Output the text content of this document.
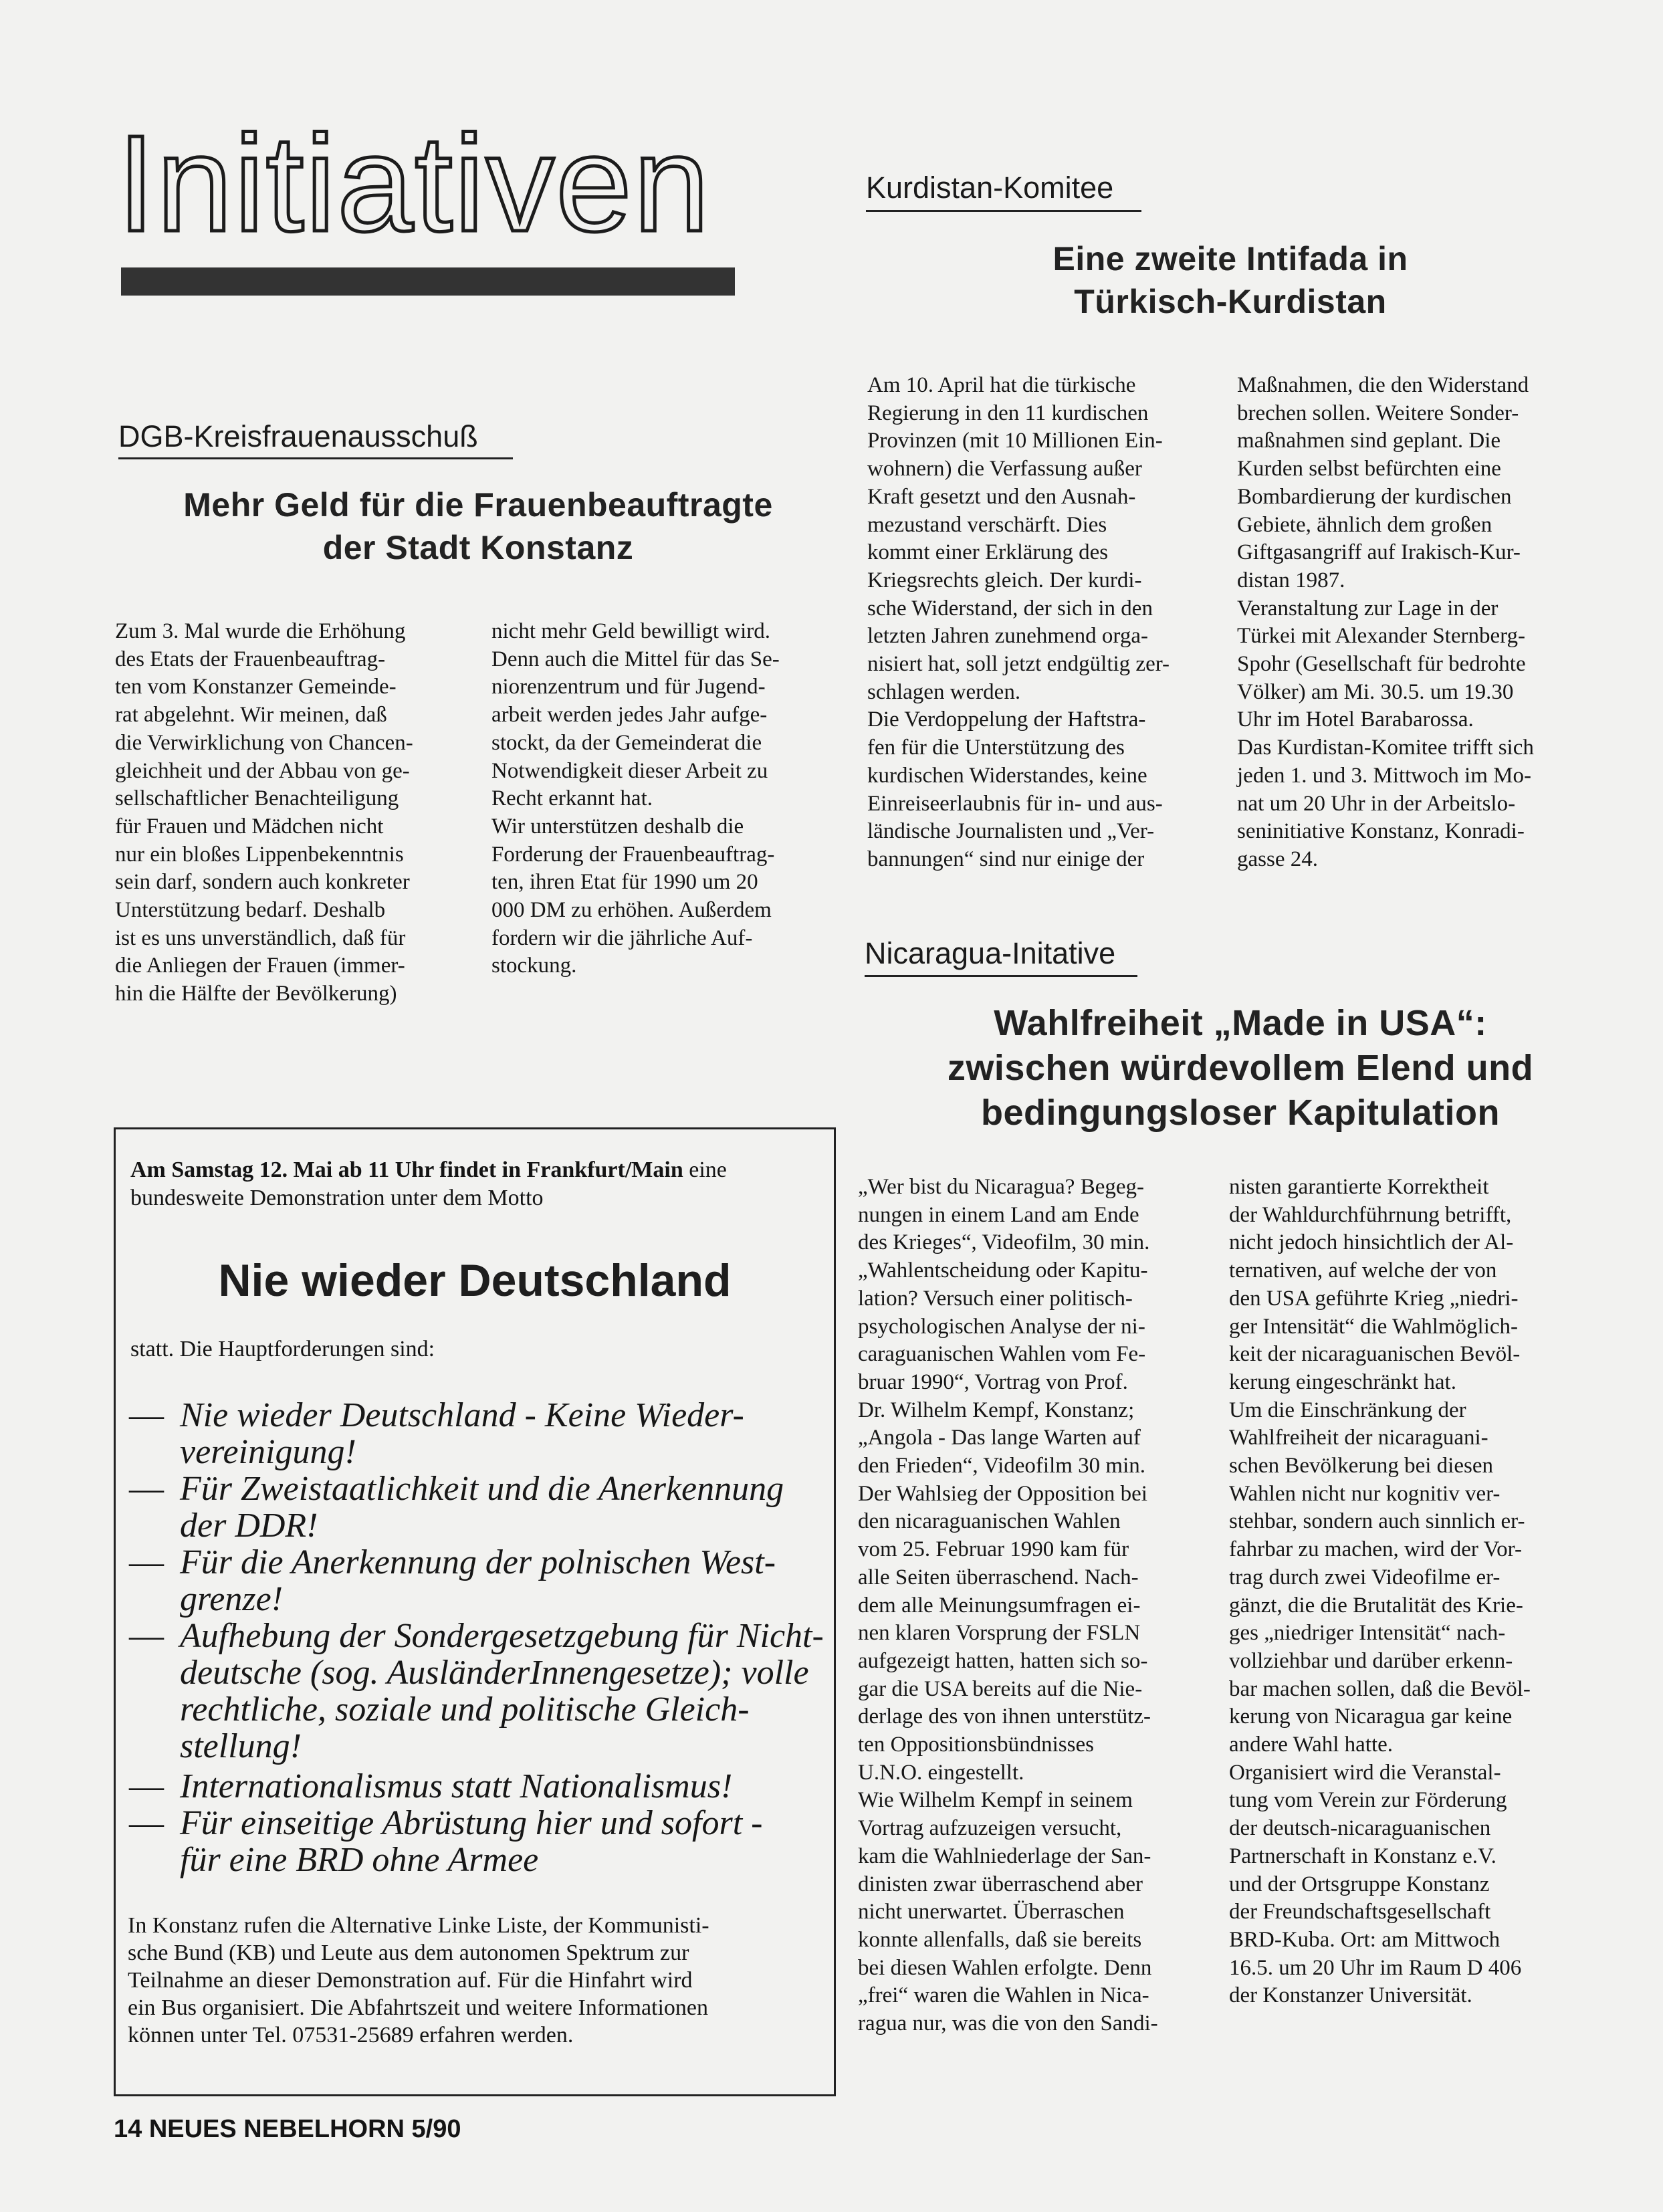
Initiativen	Kurdistan-Komitee
Eine zweite Intifada in
Türkisch-Kurdistan
Am 10. April hat die türkische
Regierung in den 11 kurdischen
Provinzen (mit 10 Millionen Ein-
wohnern) die Verfassung außer
Kraft gesetzt und den Ausnah-
mezustand verschärft. Dies
kommt einer Erklärung des
Kriegsrechts gleich. Der kurdi-
sche Widerstand, der sich in den
letzten Jahren zunehmend orga-
nisiert hat, soll jetzt endgültig zer-
schlagen werden.
Die Verdoppelung der Haftstra-
fen für die Unterstützung des
kurdischen Widerstandes, keine
Einreiseerlaubnis für in- und aus-
ländische Journalisten und „Ver-
bannungen“ sind nur einige der
Maßnahmen, die den Widerstand
brechen sollen. Weitere Sonder-
maßnahmen sind geplant. Die
Kurden selbst befürchten eine
Bombardierung der kurdischen
Gebiete, ähnlich dem großen
Giftgasangriff auf Irakisch-Kur-
distan 1987.
Veranstaltung zur Lage in der
Türkei mit Alexander Sternberg-
Spohr (Gesellschaft für bedrohte
Völker) am Mi. 30.5. um 19.30
Uhr im Hotel Barabarossa.
Das Kurdistan-Komitee trifft sich
jeden 1. und 3. Mittwoch im Mo-
nat um 20 Uhr in der Arbeitslo-
seninitiative Konstanz, Konradi-
gasse 24.
DGB-Kreisfrauenausschuß
Mehr Geld für die Frauenbeauftragte
der Stadt Konstanz
Zum 3. Mal wurde die Erhöhung
des Etats der Frauenbeauftrag-
ten vom Konstanzer Gemeinde-
rat abgelehnt. Wir meinen, daß
die Verwirklichung von Chancen-
gleichheit und der Abbau von ge-
sellschaftlicher Benachteiligung
für Frauen und Mädchen nicht
nur ein bloßes Lippenbekenntnis
sein darf, sondern auch konkreter
Unterstützung bedarf. Deshalb
ist es uns unverständlich, daß für
die Anliegen der Frauen (immer-
hin die Hälfte der Bevölkerung)
nicht mehr Geld bewilligt wird.
Denn auch die Mittel für das Se-
niorenzentrum und für Jugend-
arbeit werden jedes Jahr aufge-
stockt, da der Gemeinderat die
Notwendigkeit dieser Arbeit zu
Recht erkannt hat.
Wir unterstützen deshalb die
Forderung der Frauenbeauftrag-
ten, ihren Etat für 1990 um 20
000 DM zu erhöhen. Außerdem
fordern wir die jährliche Auf-
stockung.
Am Samstag 12. Mai ab 11 Uhr findet in Frankfurt/Main eine
bundesweite Demonstration unter dem Motto
Nie wieder Deutschland
statt. Die Hauptforderungen sind:
— Nie wieder Deutschland - Keine Wieder-
vereinigung!
— Für Zweistaatlichkeit und die Anerkennung
der DDR!
— Für die Anerkennung der polnischen West-
grenze!
— Aufhebung der Sondergesetzgebung für Nicht-
deutsche (sog. AusländerInnengesetze); volle
rechtliche, soziale und politische Gleich-
stellung!
— Internationalismus statt Nationalismus!
— Für einseitige Abrüstung hier und sofort -
für eine BRD ohne Armee
In Konstanz rufen die Alternative Linke Liste, der Kommunisti-
sche Bund (KB) und Leute aus dem autonomen Spektrum zur
Teilnahme an dieser Demonstration auf. Für die Hinfahrt wird
ein Bus organisiert. Die Abfahrtszeit und weitere Informationen
können unter Tel. 07531-25689 erfahren werden.
Nicaragua-Initative
Wahlfreiheit „Made in USA“:
zwischen würdevollem Elend und
bedingungsloser Kapitulation
„Wer bist du Nicaragua? Begeg-
nungen in einem Land am Ende
des Krieges“, Videofilm, 30 min.
„Wahlentscheidung oder Kapitu-
lation? Versuch einer politisch-
psychologischen Analyse der ni-
caraguanischen Wahlen vom Fe-
bruar 1990“, Vortrag von Prof.
Dr. Wilhelm Kempf, Konstanz;
„Angola - Das lange Warten auf
den Frieden“, Videofilm 30 min.
Der Wahlsieg der Opposition bei
den nicaraguanischen Wahlen
vom 25. Februar 1990 kam für
alle Seiten überraschend. Nach-
dem alle Meinungsumfragen ei-
nen klaren Vorsprung der FSLN
aufgezeigt hatten, hatten sich so-
gar die USA bereits auf die Nie-
derlage des von ihnen unterstütz-
ten Oppositionsbündnisses
U.N.O. eingestellt.
Wie Wilhelm Kempf in seinem
Vortrag aufzuzeigen versucht,
kam die Wahlniederlage der San-
dinisten zwar überraschend aber
nicht unerwartet. Überraschen
konnte allenfalls, daß sie bereits
bei diesen Wahlen erfolgte. Denn
„frei“ waren die Wahlen in Nica-
ragua nur, was die von den Sandi-
nisten garantierte Korrektheit
der Wahldurchführnung betrifft,
nicht jedoch hinsichtlich der Al-
ternativen, auf welche der von
den USA geführte Krieg „niedri-
ger Intensität“ die Wahlmöglich-
keit der nicaraguanischen Bevöl-
kerung eingeschränkt hat.
Um die Einschränkung der
Wahlfreiheit der nicaraguani-
schen Bevölkerung bei diesen
Wahlen nicht nur kognitiv ver-
stehbar, sondern auch sinnlich er-
fahrbar zu machen, wird der Vor-
trag durch zwei Videofilme er-
gänzt, die die Brutalität des Krie-
ges „niedriger Intensität“ nach-
vollziehbar und darüber erkenn-
bar machen sollen, daß die Bevöl-
kerung von Nicaragua gar keine
andere Wahl hatte.
Organisiert wird die Veranstal-
tung vom Verein zur Förderung
der deutsch-nicaraguanischen
Partnerschaft in Konstanz e.V.
und der Ortsgruppe Konstanz
der Freundschaftsgesellschaft
BRD-Kuba. Ort: am Mittwoch
16.5. um 20 Uhr im Raum D 406
der Konstanzer Universität.
14 NEUES NEBELHORN 5/90
